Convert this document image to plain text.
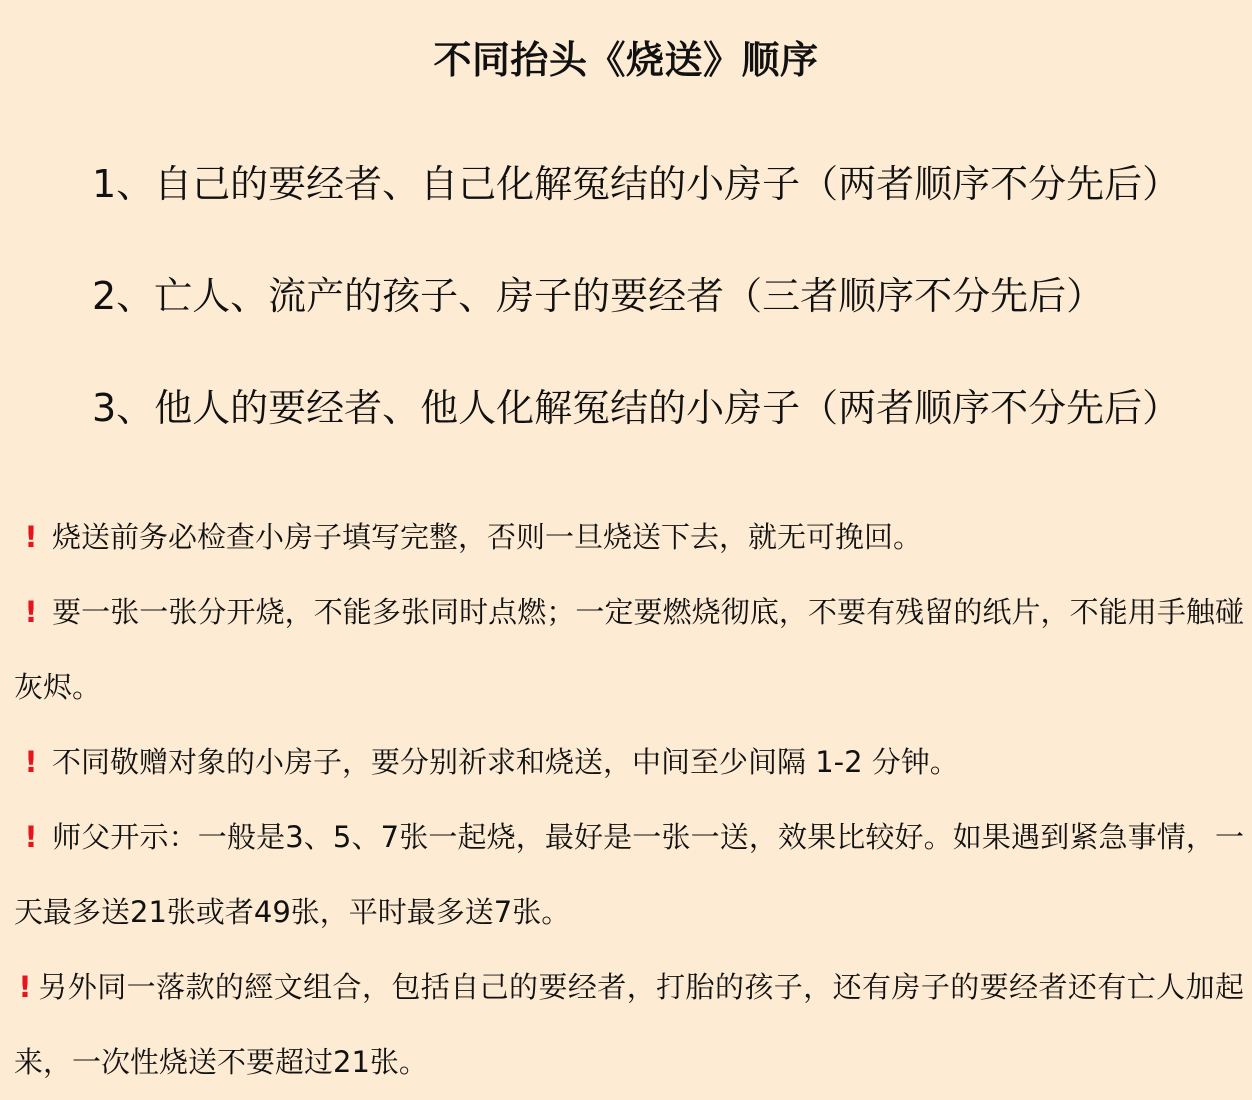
不同抬头《烧送》顺序
1、自己的要经者、自己化解冤结的小房子（两者顺序不分先后）
2、亡人、流产的孩子、房子的要经者（三者顺序不分先后）
3、他人的要经者、他人化解冤结的小房子（两者顺序不分先后）
! 烧送前务必检查小房子填写完整，否则一旦烧送下去，就无可挽回。
! 要一张一张分开烧，不能多张同时点燃；一定要燃烧彻底，不要有残留的纸片，不能用手触碰灰烬。
! 不同敬赠对象的小房子，要分别祈求和烧送，中间至少间隔 1-2 分钟。
! 师父开示：一般是3、5、7张一起烧，最好是一张一送，效果比较好。如果遇到紧急事情，一天最多送21张或者49张，平时最多送7张。
! 另外同一落款的經文组合，包括自己的要经者，打胎的孩子，还有房子的要经者还有亡人加起来，一次性烧送不要超过21张。
